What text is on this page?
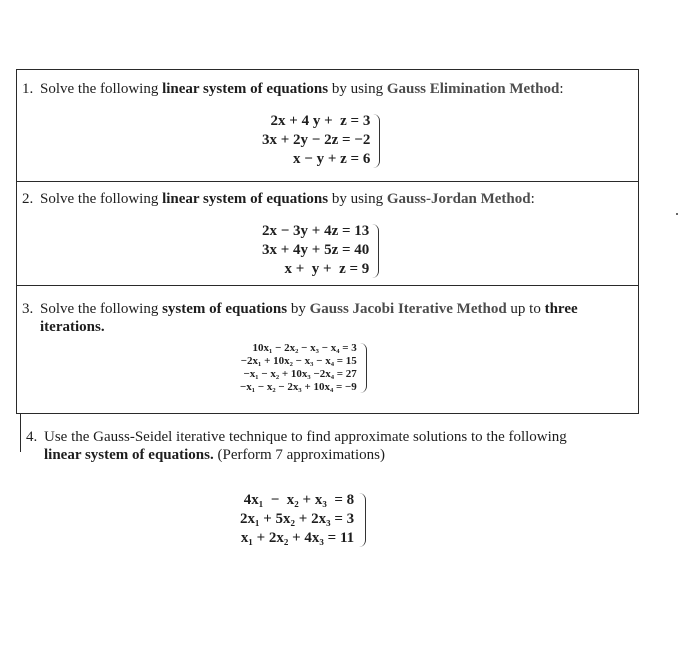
1. Solve the following linear system of equations by using Gauss Elimination Method:
2x + 4 y +  z = 3
3x + 2y − 2z = −2
x − y + z = 6
2. Solve the following linear system of equations by using Gauss-Jordan Method:
2x − 3y + 4z = 13
3x + 4y + 5z = 40
x +  y +  z = 9
3. Solve the following system of equations by Gauss Jacobi Iterative Method up to three
iterations.
10x₁ − 2x₂ − x₃ − x₄ = 3
−2x₁ + 10x₂ − x₃ − x₄ = 15
−x₁ − x₂ + 10x₃ −2x₄ = 27
−x₁ − x₂ − 2x₃ + 10x₄ = −9
4. Use the Gauss-Seidel iterative technique to find approximate solutions to the following
linear system of equations. (Perform 7 approximations)
4x₁  −  x₂ + x₃  = 8
2x₁ + 5x₂ + 2x₃ = 3
x₁ + 2x₂ + 4x₃ = 11
